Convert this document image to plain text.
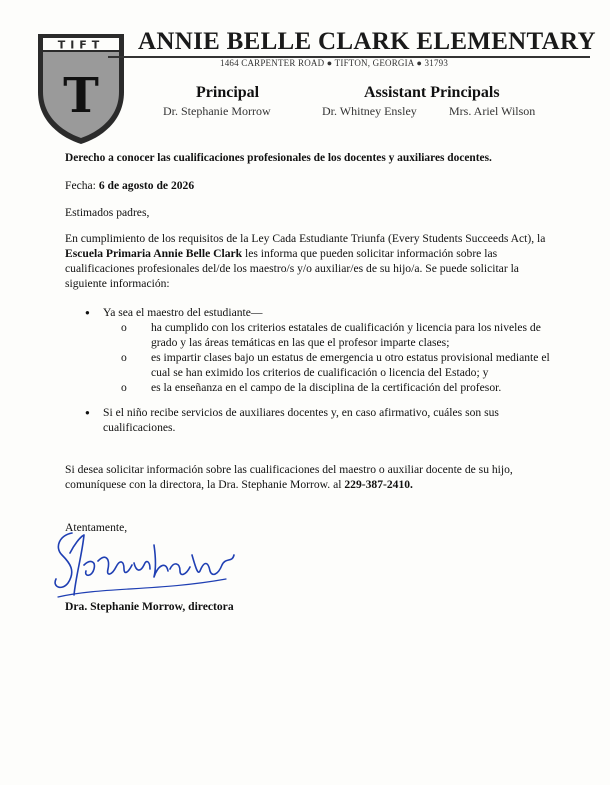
TIFT
T
ANNIE BELLE CLARK ELEMENTARY
1464 CARPENTER ROAD ● TIFTON, GEORGIA ● 31793
Principal
Dr. Stephanie Morrow
Assistant Principals
Dr. Whitney Ensley	Mrs. Ariel Wilson
Derecho a conocer las cualificaciones profesionales de los docentes y auxiliares docentes.
Fecha: 6 de agosto de 2026
Estimados padres,
En cumplimiento de los requisitos de la Ley Cada Estudiante Triunfa (Every Students Succeeds Act), la Escuela Primaria Annie Belle Clark les informa que pueden solicitar información sobre las cualificaciones profesionales del/de los maestro/s y/o auxiliar/es de su hijo/a. Se puede solicitar la siguiente información:
● Ya sea el maestro del estudiante—
o ha cumplido con los criterios estatales de cualificación y licencia para los niveles de grado y las áreas temáticas en las que el profesor imparte clases;
o es impartir clases bajo un estatus de emergencia u otro estatus provisional mediante el cual se han eximido los criterios de cualificación o licencia del Estado; y
o es la enseñanza en el campo de la disciplina de la certificación del profesor.
● Si el niño recibe servicios de auxiliares docentes y, en caso afirmativo, cuáles son sus cualificaciones.
Si desea solicitar información sobre las cualificaciones del maestro o auxiliar docente de su hijo, comuníquese con la directora, la Dra. Stephanie Morrow. al 229-387-2410.
Atentamente,
Dra. Stephanie Morrow, directora
